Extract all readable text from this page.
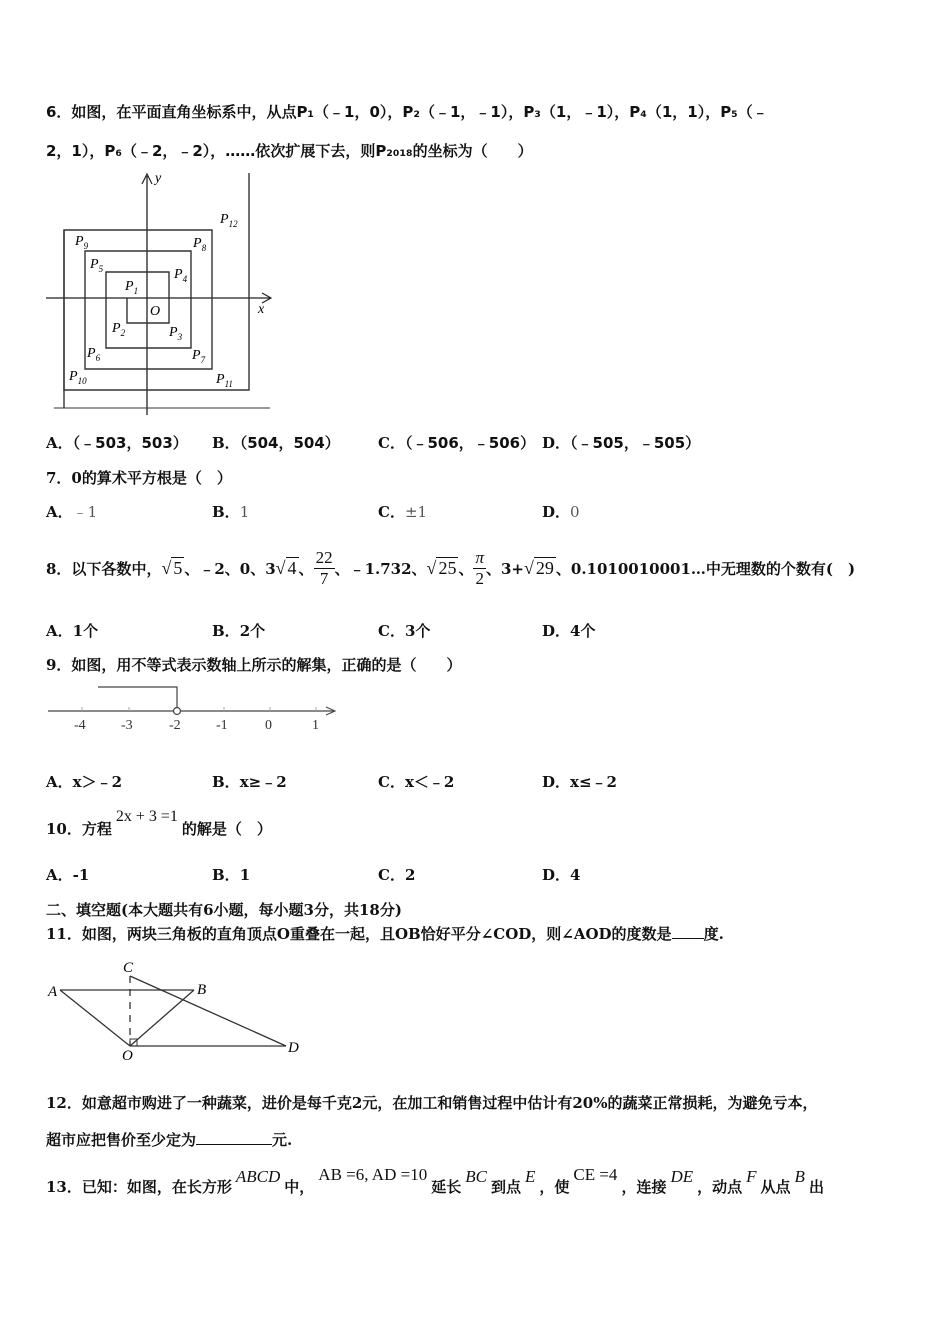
6．如图，在平面直角坐标系中，从点P₁（﹣1，0），P₂（﹣1，﹣1），P₃（1，﹣1），P₄（1，1），P₅（﹣
2，1），P₆（﹣2，﹣2），……依次扩展下去，则P₂₀₁₈的坐标为（　　）
y
x
$P_1$
$P_2$	$P_3$
$P_4$
$P_5$
$P_6$	$P_7$
$P_8$
$P_9$
$P_{10}$	$P_{11}$
$P_{12}$
O
A．（﹣503，503） B．（504，504）	C．（﹣506，﹣506） D．（﹣505，﹣505）
7．0的算术平方根是（　）
A．﹣1	B．1	C．±1	D．0
8．以下各数中， √ 5 、﹣2、0、3 √ 4 、 $\frac{22}{7}$ 、﹣1.732、 √ 25 、 $\frac{\pi}{2}$ 、3+ √ 29 、0.1010010001…中无理数的个数有(　)
A．1个	B．2个	C．3个	D．4个
9．如图，用不等式表示数轴上所示的解集，正确的是（　　）
-4	-3	-2	-1	0	1
A．x＞﹣2	B．x≥﹣2	C．x＜﹣2	D．x≤﹣2
10．方程2x + 3 =1的解是（　）
A．-1	B．1	C．2	D．4
二、填空题(本大题共有6小题，每小题3分，共18分)
11．如图，两块三角板的直角顶点O重叠在一起，且OB恰好平分∠COD，则∠AOD的度数是 度.
C
A	B
O	D
12．如意超市购进了一种蔬菜，进价是每千克2元，在加工和销售过程中估计有20%的蔬菜正常损耗，为避免亏本，
超市应把售价至少定为	元.
13．已知：如图，在长方形ABCD中，AB =6, AD =10延长BC到点E，使CE =4，连接DE，动点F从点B出
